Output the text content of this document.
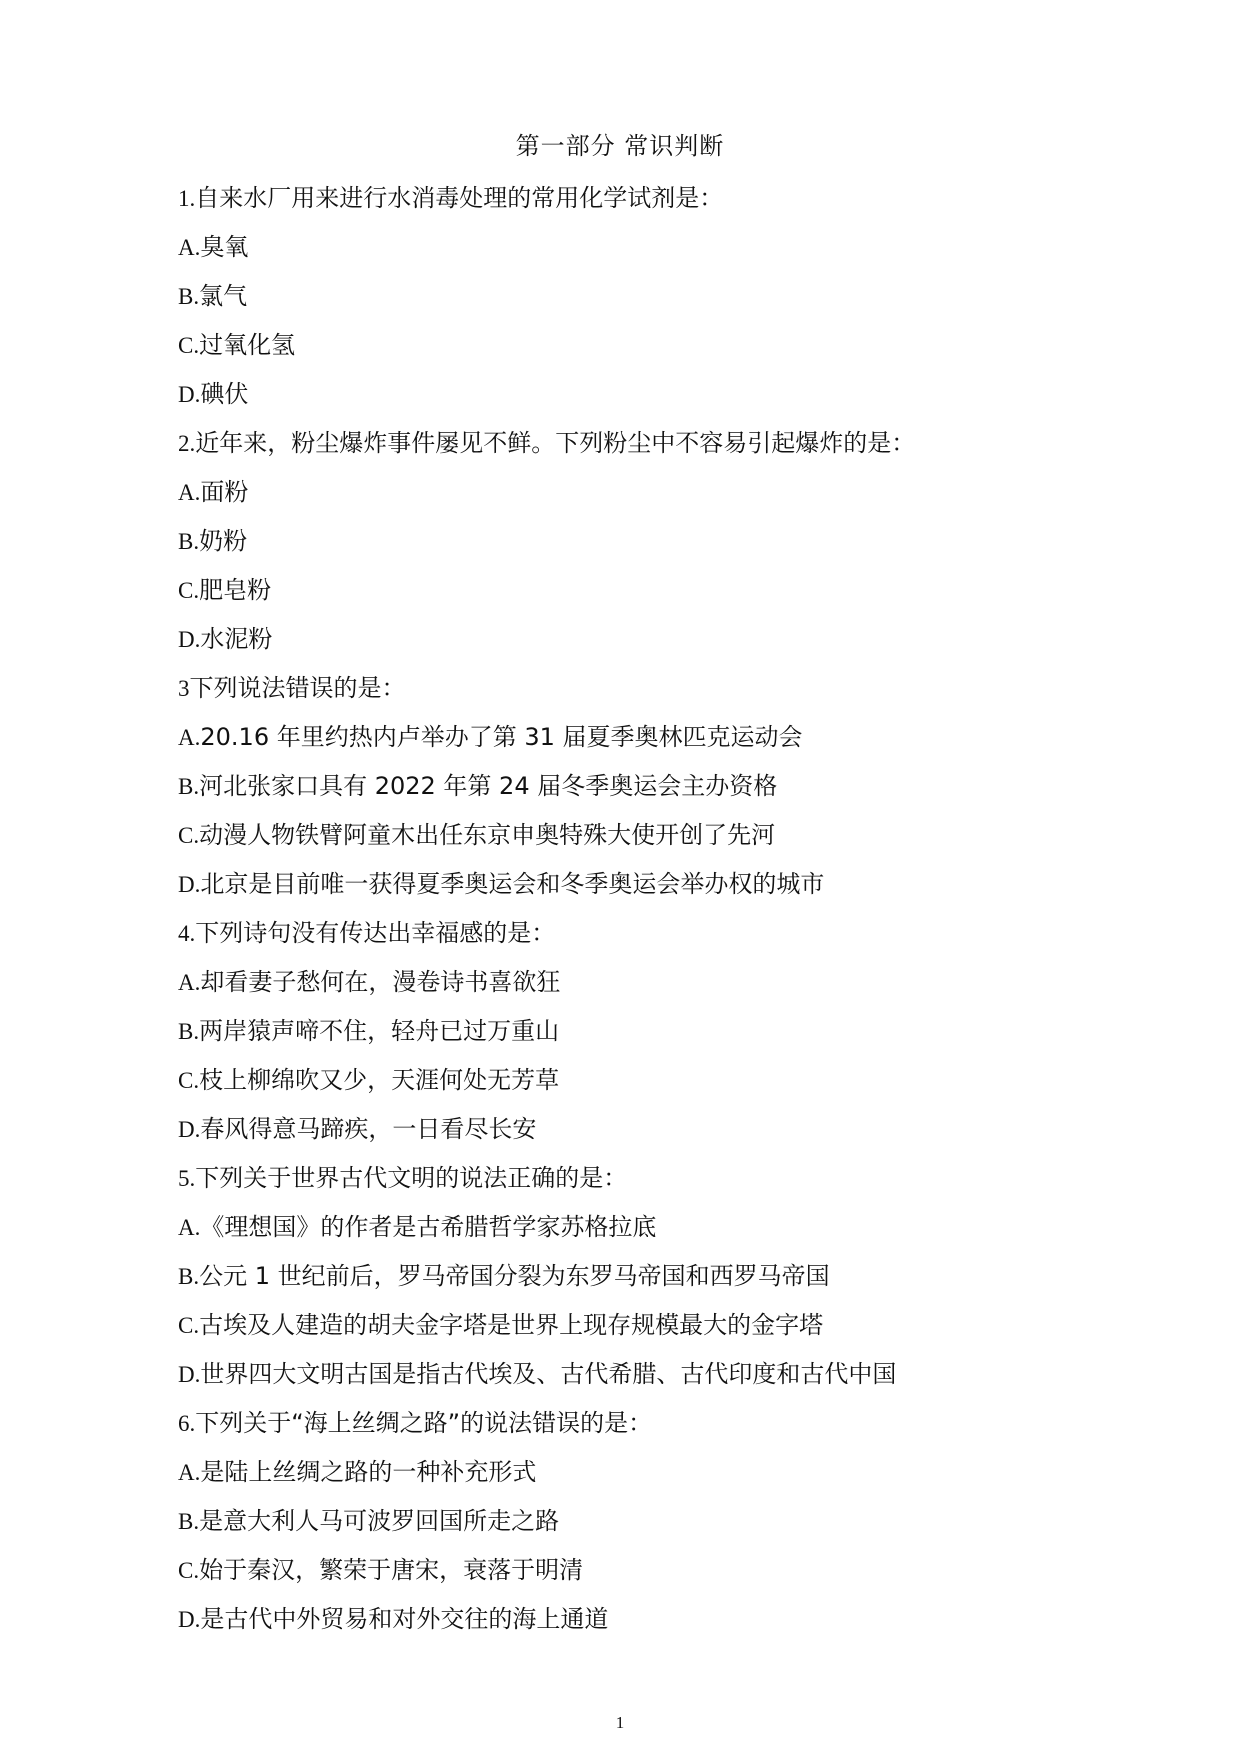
第一部分 常识判断
1.自来水厂用来进行水消毒处理的常用化学试剂是：
A.臭氧
B.氯气
C.过氧化氢
D.碘伏
2.近年来，粉尘爆炸事件屡见不鲜。下列粉尘中不容易引起爆炸的是：
A.面粉
B.奶粉
C.肥皂粉
D.水泥粉
3下列说法错误的是：
A.20.16 年里约热内卢举办了第 31 届夏季奥林匹克运动会
B.河北张家口具有 2022 年第 24 届冬季奥运会主办资格
C.动漫人物铁臂阿童木出任东京申奥特殊大使开创了先河
D.北京是目前唯一获得夏季奥运会和冬季奥运会举办权的城市
4.下列诗句没有传达出幸福感的是：
A.却看妻子愁何在，漫卷诗书喜欲狂
B.两岸猿声啼不住，轻舟已过万重山
C.枝上柳绵吹又少，天涯何处无芳草
D.春风得意马蹄疾，一日看尽长安
5.下列关于世界古代文明的说法正确的是：
A.《理想国》的作者是古希腊哲学家苏格拉底
B.公元 1 世纪前后，罗马帝国分裂为东罗马帝国和西罗马帝国
C.古埃及人建造的胡夫金字塔是世界上现存规模最大的金字塔
D.世界四大文明古国是指古代埃及、古代希腊、古代印度和古代中国
6.下列关于“海上丝绸之路”的说法错误的是：
A.是陆上丝绸之路的一种补充形式
B.是意大利人马可波罗回国所走之路
C.始于秦汉，繁荣于唐宋，衰落于明清
D.是古代中外贸易和对外交往的海上通道
1
